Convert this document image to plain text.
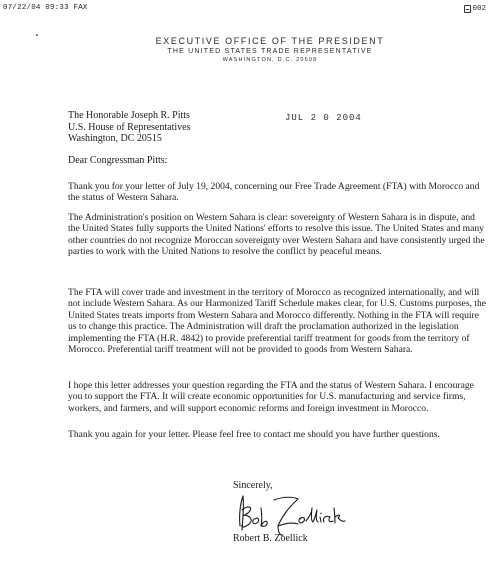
07/22/04 09:33 FAX	002
EXECUTIVE OFFICE OF THE PRESIDENT
THE UNITED STATES TRADE REPRESENTATIVE
WASHINGTON, D.C. 20508
The Honorable Joseph R. Pitts
U.S. House of Representatives
Washington, DC 20515
JUL 2 0 2004
Dear Congressman Pitts:

Thank you for your letter of July 19, 2004, concerning our Free Trade Agreement (FTA) with Morocco and the status of Western Sahara.

The Administration's position on Western Sahara is clear: sovereignty of Western Sahara is in dispute, and the United States fully supports the United Nations' efforts to resolve this issue. The United States and many other countries do not recognize Moroccan sovereignty over Western Sahara and have consistently urged the parties to work with the United Nations to resolve the conflict by peaceful means.

The FTA will cover trade and investment in the territory of Morocco as recognized internationally, and will not include Western Sahara. As our Harmonized Tariff Schedule makes clear, for U.S. Customs purposes, the United States treats imports from Western Sahara and Morocco differently. Nothing in the FTA will require us to change this practice. The Administration will draft the proclamation authorized in the legislation implementing the FTA (H.R. 4842) to provide preferential tariff treatment for goods from the territory of Morocco. Preferential tariff treatment will not be provided to goods from Western Sahara.

I hope this letter addresses your question regarding the FTA and the status of Western Sahara. I encourage you to support the FTA. It will create economic opportunities for U.S. manufacturing and service firms, workers, and farmers, and will support economic reforms and foreign investment in Morocco.

Thank you again for your letter. Please feel free to contact me should you have further questions.

Sincerely,
Robert B. Zoellick
